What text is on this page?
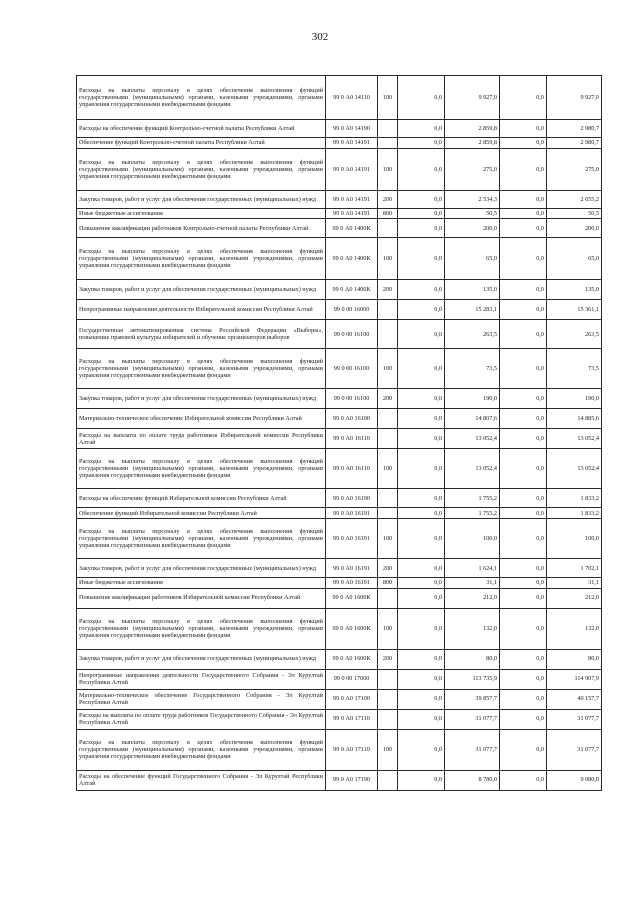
302
Расходы на выплаты персоналу в целях обеспечения выполнения функций государственными (муниципальными) органами, казенными учреждениями, органами управления государственными внебюджетными фондами	99 0 А0 14110	100	0,0	9 927,0	0,0	9 927,0
Расходы на обеспечение функций Контрольно-счетной палаты Республики Алтай	99 0 А0 14190		0,0	2 859,8	0,0	2 980,7
Обеспечение функций Контрольно-счетной палаты Республики Алтай	99 0 А0 14191		0,0	2 859,8	0,0	2 980,7
Расходы на выплаты персоналу в целях обеспечения выполнения функций государственными (муниципальными) органами, казенными учреждениями, органами управления государственными внебюджетными фондами	99 0 А0 14191	100	0,0	275,0	0,0	275,0
Закупка товаров, работ и услуг для обеспечения государственных (муниципальных) нужд	99 0 А0 14191	200	0,0	2 534,3	0,0	2 655,2
Иные бюджетные ассигнования	99 0 А0 14191	800	0,0	50,5	0,0	50,5
Повышение квалификации работников Контрольно-счетной палаты Республики Алтай	99 0 А0 1400К		0,0	200,0	0,0	200,0
Расходы на выплаты персоналу в целях обеспечения выполнения функций государственными (муниципальными) органами, казенными учреждениями, органами управления государственными внебюджетными фондами	99 0 А0 1400К	100	0,0	65,0	0,0	65,0
Закупка товаров, работ и услуг для обеспечения государственных (муниципальных) нужд	99 0 А0 1400К	200	0,0	135,0	0,0	135,0
Непрограммные направления деятельности Избирательной комиссии Республики Алтай	99 0 00 16000		0,0	15 283,1	0,0	15 361,1
Государственная автоматизированная система Российской Федерации «Выборы», повышение правовой культуры избирателей и обучение организаторов выборов	99 0 00 16100		0,0	263,5	0,0	263,5
Расходы на выплаты персоналу в целях обеспечения выполнения функций государственными (муниципальными) органами, казенными учреждениями, органами управления государственными внебюджетными фондами	99 0 00 16100	100	0,0	73,5	0,0	73,5
Закупка товаров, работ и услуг для обеспечения государственных (муниципальных) нужд	99 0 00 16100	200	0,0	190,0	0,0	190,0
Материально-техническое обеспечение Избирательной комиссии Республики Алтай	99 0 А0 16100		0,0	14 807,6	0,0	14 885,6
Расходы на выплаты по оплате труда работников Избирательной комиссии Республики Алтай	99 0 А0 16110		0,0	13 052,4	0,0	13 052,4
Расходы на выплаты персоналу в целях обеспечения выполнения функций государственными (муниципальными) органами, казенными учреждениями, органами управления государственными внебюджетными фондами	99 0 А0 16110	100	0,0	13 052,4	0,0	13 052,4
Расходы на обеспечение функций Избирательной комиссии Республики Алтай	99 0 А0 16190		0,0	1 755,2	0,0	1 833,2
Обеспечение функций Избирательной комиссии Республики Алтай	99 0 А0 16191		0,0	1 755,2	0,0	1 833,2
Расходы на выплаты персоналу в целях обеспечения выполнения функций государственными (муниципальными) органами, казенными учреждениями, органами управления государственными внебюджетными фондами	99 0 А0 16191	100	0,0	100,0	0,0	100,0
Закупка товаров, работ и услуг для обеспечения государственных (муниципальных) нужд	99 0 А0 16191	200	0,0	1 624,1	0,0	1 702,1
Иные бюджетные ассигнования	99 0 А0 16191	800	0,0	31,1	0,0	31,1
Повышение квалификации работников Избирательной комиссии Республики Алтай	99 0 А0 1600К		0,0	212,0	0,0	212,0
Расходы на выплаты персоналу в целях обеспечения выполнения функций государственными (муниципальными) органами, казенными учреждениями, органами управления государственными внебюджетными фондами	99 0 А0 1600К	100	0,0	132,0	0,0	132,0
Закупка товаров, работ и услуг для обеспечения государственных (муниципальных) нужд	99 0 А0 1600К	200	0,0	80,0	0,0	80,0
Непрограммные направления деятельности Государственного Собрания - Эл Курултай Республики Алтай	99 0 00 17000		0,0	113 735,9	0,0	114 907,9
Материально-техническое обеспечение Государственного Собрания - Эл Курултай Республики Алтай	99 0 А0 17100		0,0	39 857,7	0,0	40 157,7
Расходы на выплаты по оплате труда работников Государственного Собрания - Эл Курултай Республики Алтай	99 0 А0 17110		0,0	31 077,7	0,0	31 077,7
Расходы на выплаты персоналу в целях обеспечения выполнения функций государственными (муниципальными) органами, казенными учреждениями, органами управления государственными внебюджетными фондами	99 0 А0 17110	100	0,0	31 077,7	0,0	31 077,7
Расходы на обеспечение функций Государственного Собрания - Эл Курултай Республики Алтай	99 0 А0 17190		0,0	8 780,0	0,0	9 080,0
